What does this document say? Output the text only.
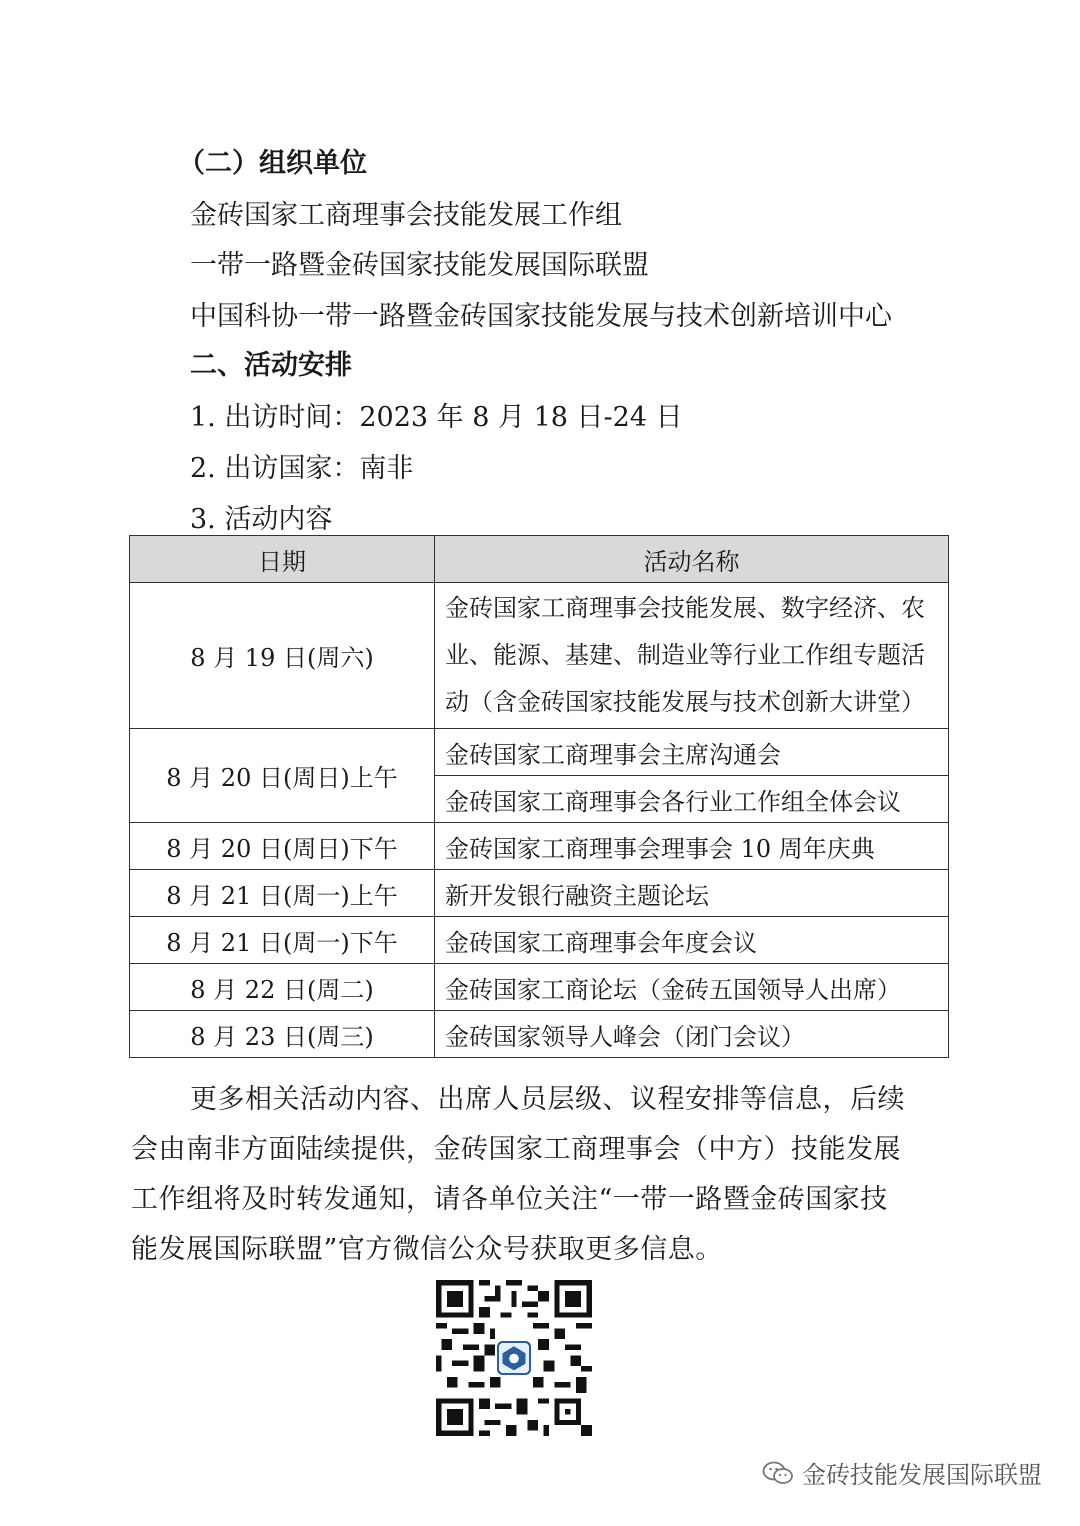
（二）组织单位
金砖国家工商理事会技能发展工作组
一带一路暨金砖国家技能发展国际联盟
中国科协一带一路暨金砖国家技能发展与技术创新培训中心
二、活动安排
1. 出访时间：2023 年 8 月 18 日-24 日
2. 出访国家：南非
3. 活动内容
日期	活动名称
8 月 19 日(周六)	金砖国家工商理事会技能发展、数字经济、农业、能源、基建、制造业等行业工作组专题活动（含金砖国家技能发展与技术创新大讲堂）
8 月 20 日(周日)上午	金砖国家工商理事会主席沟通会
	金砖国家工商理事会各行业工作组全体会议
8 月 20 日(周日)下午	金砖国家工商理事会理事会 10 周年庆典
8 月 21 日(周一)上午	新开发银行融资主题论坛
8 月 21 日(周一)下午	金砖国家工商理事会年度会议
8 月 22 日(周二)	金砖国家工商论坛（金砖五国领导人出席）
8 月 23 日(周三)	金砖国家领导人峰会（闭门会议）
更多相关活动内容、出席人员层级、议程安排等信息，后续
会由南非方面陆续提供，金砖国家工商理事会（中方）技能发展
工作组将及时转发通知，请各单位关注“一带一路暨金砖国家技
能发展国际联盟”官方微信公众号获取更多信息。
金砖技能发展国际联盟
